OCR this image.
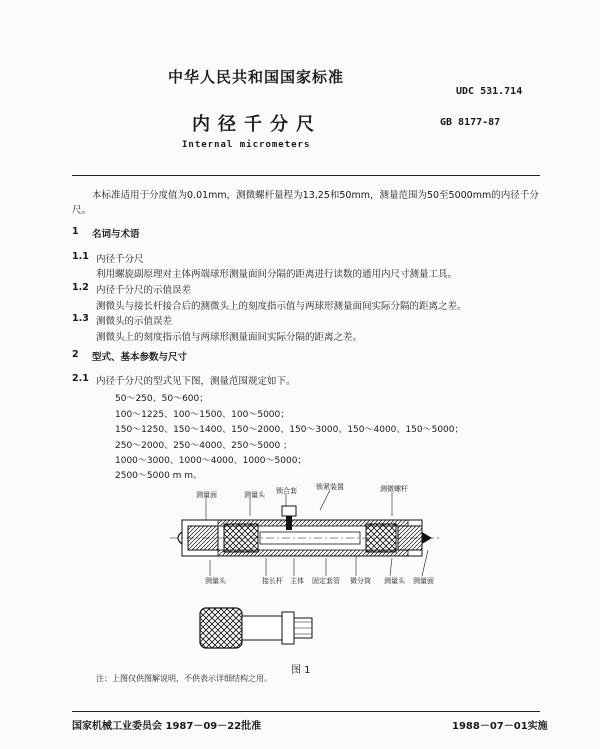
中华人民共和国国家标准
UDC 531.714
内径千分尺	GB 8177-87
Internal micrometers
本标准适用于分度值为0.01mm，测微螺杆量程为13,25和50mm，测量范围为50至5000mm的内径千分尺。
1 名词与术语
1.1 内径千分尺
利用螺旋副原理对主体两端球形测量面间分隔的距离进行读数的通用内尺寸测量工具。
1.2 内径千分尺的示值误差
测微头与接长杆接合后的测微头上的刻度指示值与两球形测量面间实际分隔的距离之差。
1.3 测微头的示值误差
测微头上的刻度指示值与两球形测量面间实际分隔的距离之差。
2 型式、基本参数与尺寸
2.1 内径千分尺的型式见下图，测量范围规定如下。
50～250、50～600；
100～1225、100～1500、100～5000；
150～1250、150～1400、150～2000、150～3000、150～4000、150～5000；
250～2000、250～4000、250～5000 ；
1000～3000、1000～4000、1000～5000；
2500～5000 m m。
测量面	测量头 锁合套	锁紧装置	测微螺杆
测量头	接长杆 主体 固定套管 微分筒 测量头 测量面
图 1
注：上图仅供图解说明，不供表示详细结构之用。
国家机械工业委员会 1987－09－22批准	1988－07－01实施
